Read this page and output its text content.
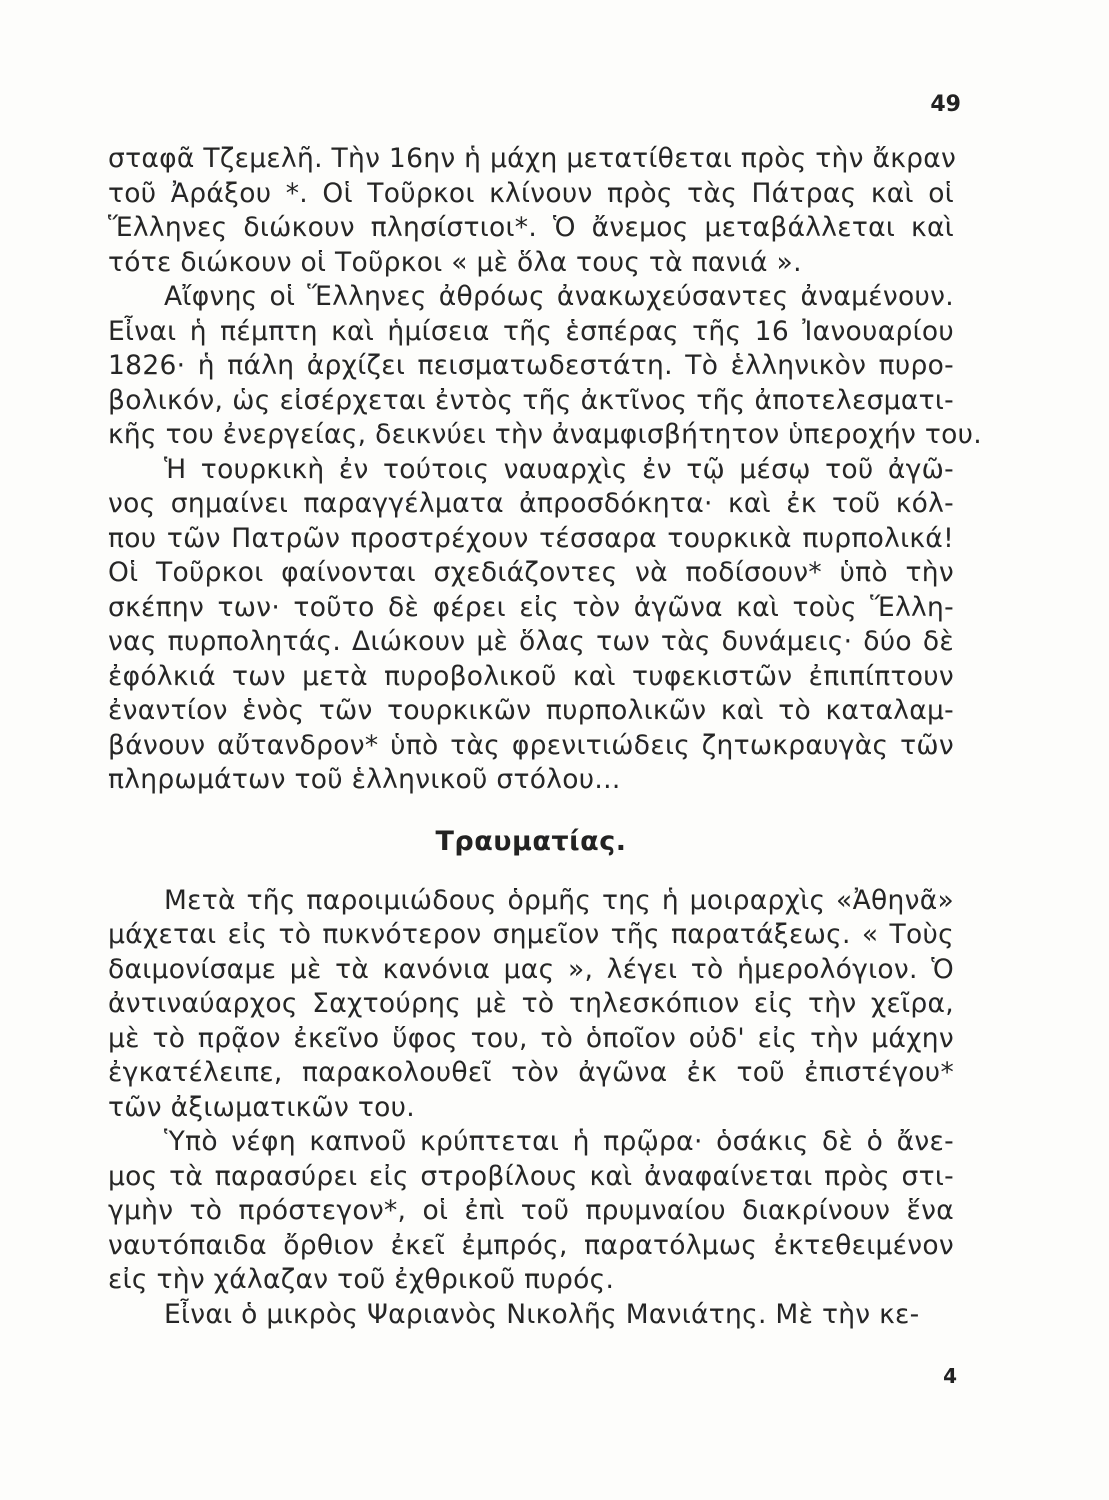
49
σταφᾶ Τζεμελῆ. Τὴν 16ην ἡ μάχη μετατίθεται πρὸς τὴν ἄκραν
τοῦ Ἀράξου *. Οἱ Τοῦρκοι κλίνουν πρὸς τὰς Πάτρας καὶ οἱ
Ἕλληνες διώκουν πλησίστιοι*. Ὁ ἄνεμος μεταβάλλεται καὶ
τότε διώκουν οἱ Τοῦρκοι « μὲ ὅλα τους τὰ πανιά ».
Αἴφνης οἱ Ἕλληνες ἀθρόως ἀνακωχεύσαντες ἀναμένουν.
Εἶναι ἡ πέμπτη καὶ ἡμίσεια τῆς ἑσπέρας τῆς 16 Ἰανουαρίου
1826· ἡ πάλη ἀρχίζει πεισματωδεστάτη. Τὸ ἑλληνικὸν πυρο-
βολικόν, ὡς εἰσέρχεται ἐντὸς τῆς ἀκτῖνος τῆς ἀποτελεσματι-
κῆς του ἐνεργείας, δεικνύει τὴν ἀναμφισβήτητον ὑπεροχήν του.
Ἡ τουρκικὴ ἐν τούτοις ναυαρχὶς ἐν τῷ μέσῳ τοῦ ἀγῶ-
νος σημαίνει παραγγέλματα ἀπροσδόκητα· καὶ ἐκ τοῦ κόλ-
που τῶν Πατρῶν προστρέχουν τέσσαρα τουρκικὰ πυρπολικά!
Οἱ Τοῦρκοι φαίνονται σχεδιάζοντες νὰ ποδίσουν* ὑπὸ τὴν
σκέπην των· τοῦτο δὲ φέρει εἰς τὸν ἀγῶνα καὶ τοὺς Ἕλλη-
νας πυρπολητάς. Διώκουν μὲ ὅλας των τὰς δυνάμεις· δύο δὲ
ἐφόλκιά των μετὰ πυροβολικοῦ καὶ τυφεκιστῶν ἐπιπίπτουν
ἐναντίον ἑνὸς τῶν τουρκικῶν πυρπολικῶν καὶ τὸ καταλαμ-
βάνουν αὔτανδρον* ὑπὸ τὰς φρενιτιώδεις ζητωκραυγὰς τῶν
πληρωμάτων τοῦ ἑλληνικοῦ στόλου...
Τραυματίας.
Μετὰ τῆς παροιμιώδους ὁρμῆς της ἡ μοιραρχὶς «Ἀθηνᾶ»
μάχεται εἰς τὸ πυκνότερον σημεῖον τῆς παρατάξεως. « Τοὺς
δαιμονίσαμε μὲ τὰ κανόνια μας », λέγει τὸ ἡμερολόγιον. Ὁ
ἀντιναύαρχος Σαχτούρης μὲ τὸ τηλεσκόπιον εἰς τὴν χεῖρα,
μὲ τὸ πρᾷον ἐκεῖνο ὕφος του, τὸ ὁποῖον οὐδ' εἰς τὴν μάχην
ἐγκατέλειπε, παρακολουθεῖ τὸν ἀγῶνα ἐκ τοῦ ἐπιστέγου*
τῶν ἀξιωματικῶν του.
Ὑπὸ νέφη καπνοῦ κρύπτεται ἡ πρῷρα· ὁσάκις δὲ ὁ ἄνε-
μος τὰ παρασύρει εἰς στροβίλους καὶ ἀναφαίνεται πρὸς στι-
γμὴν τὸ πρόστεγον*, οἱ ἐπὶ τοῦ πρυμναίου διακρίνουν ἕνα
ναυτόπαιδα ὄρθιον ἐκεῖ ἐμπρός, παρατόλμως ἐκτεθειμένον
εἰς τὴν χάλαζαν τοῦ ἐχθρικοῦ πυρός.
Εἶναι ὁ μικρὸς Ψαριανὸς Νικολῆς Μανιάτης. Μὲ τὴν κε-
4
